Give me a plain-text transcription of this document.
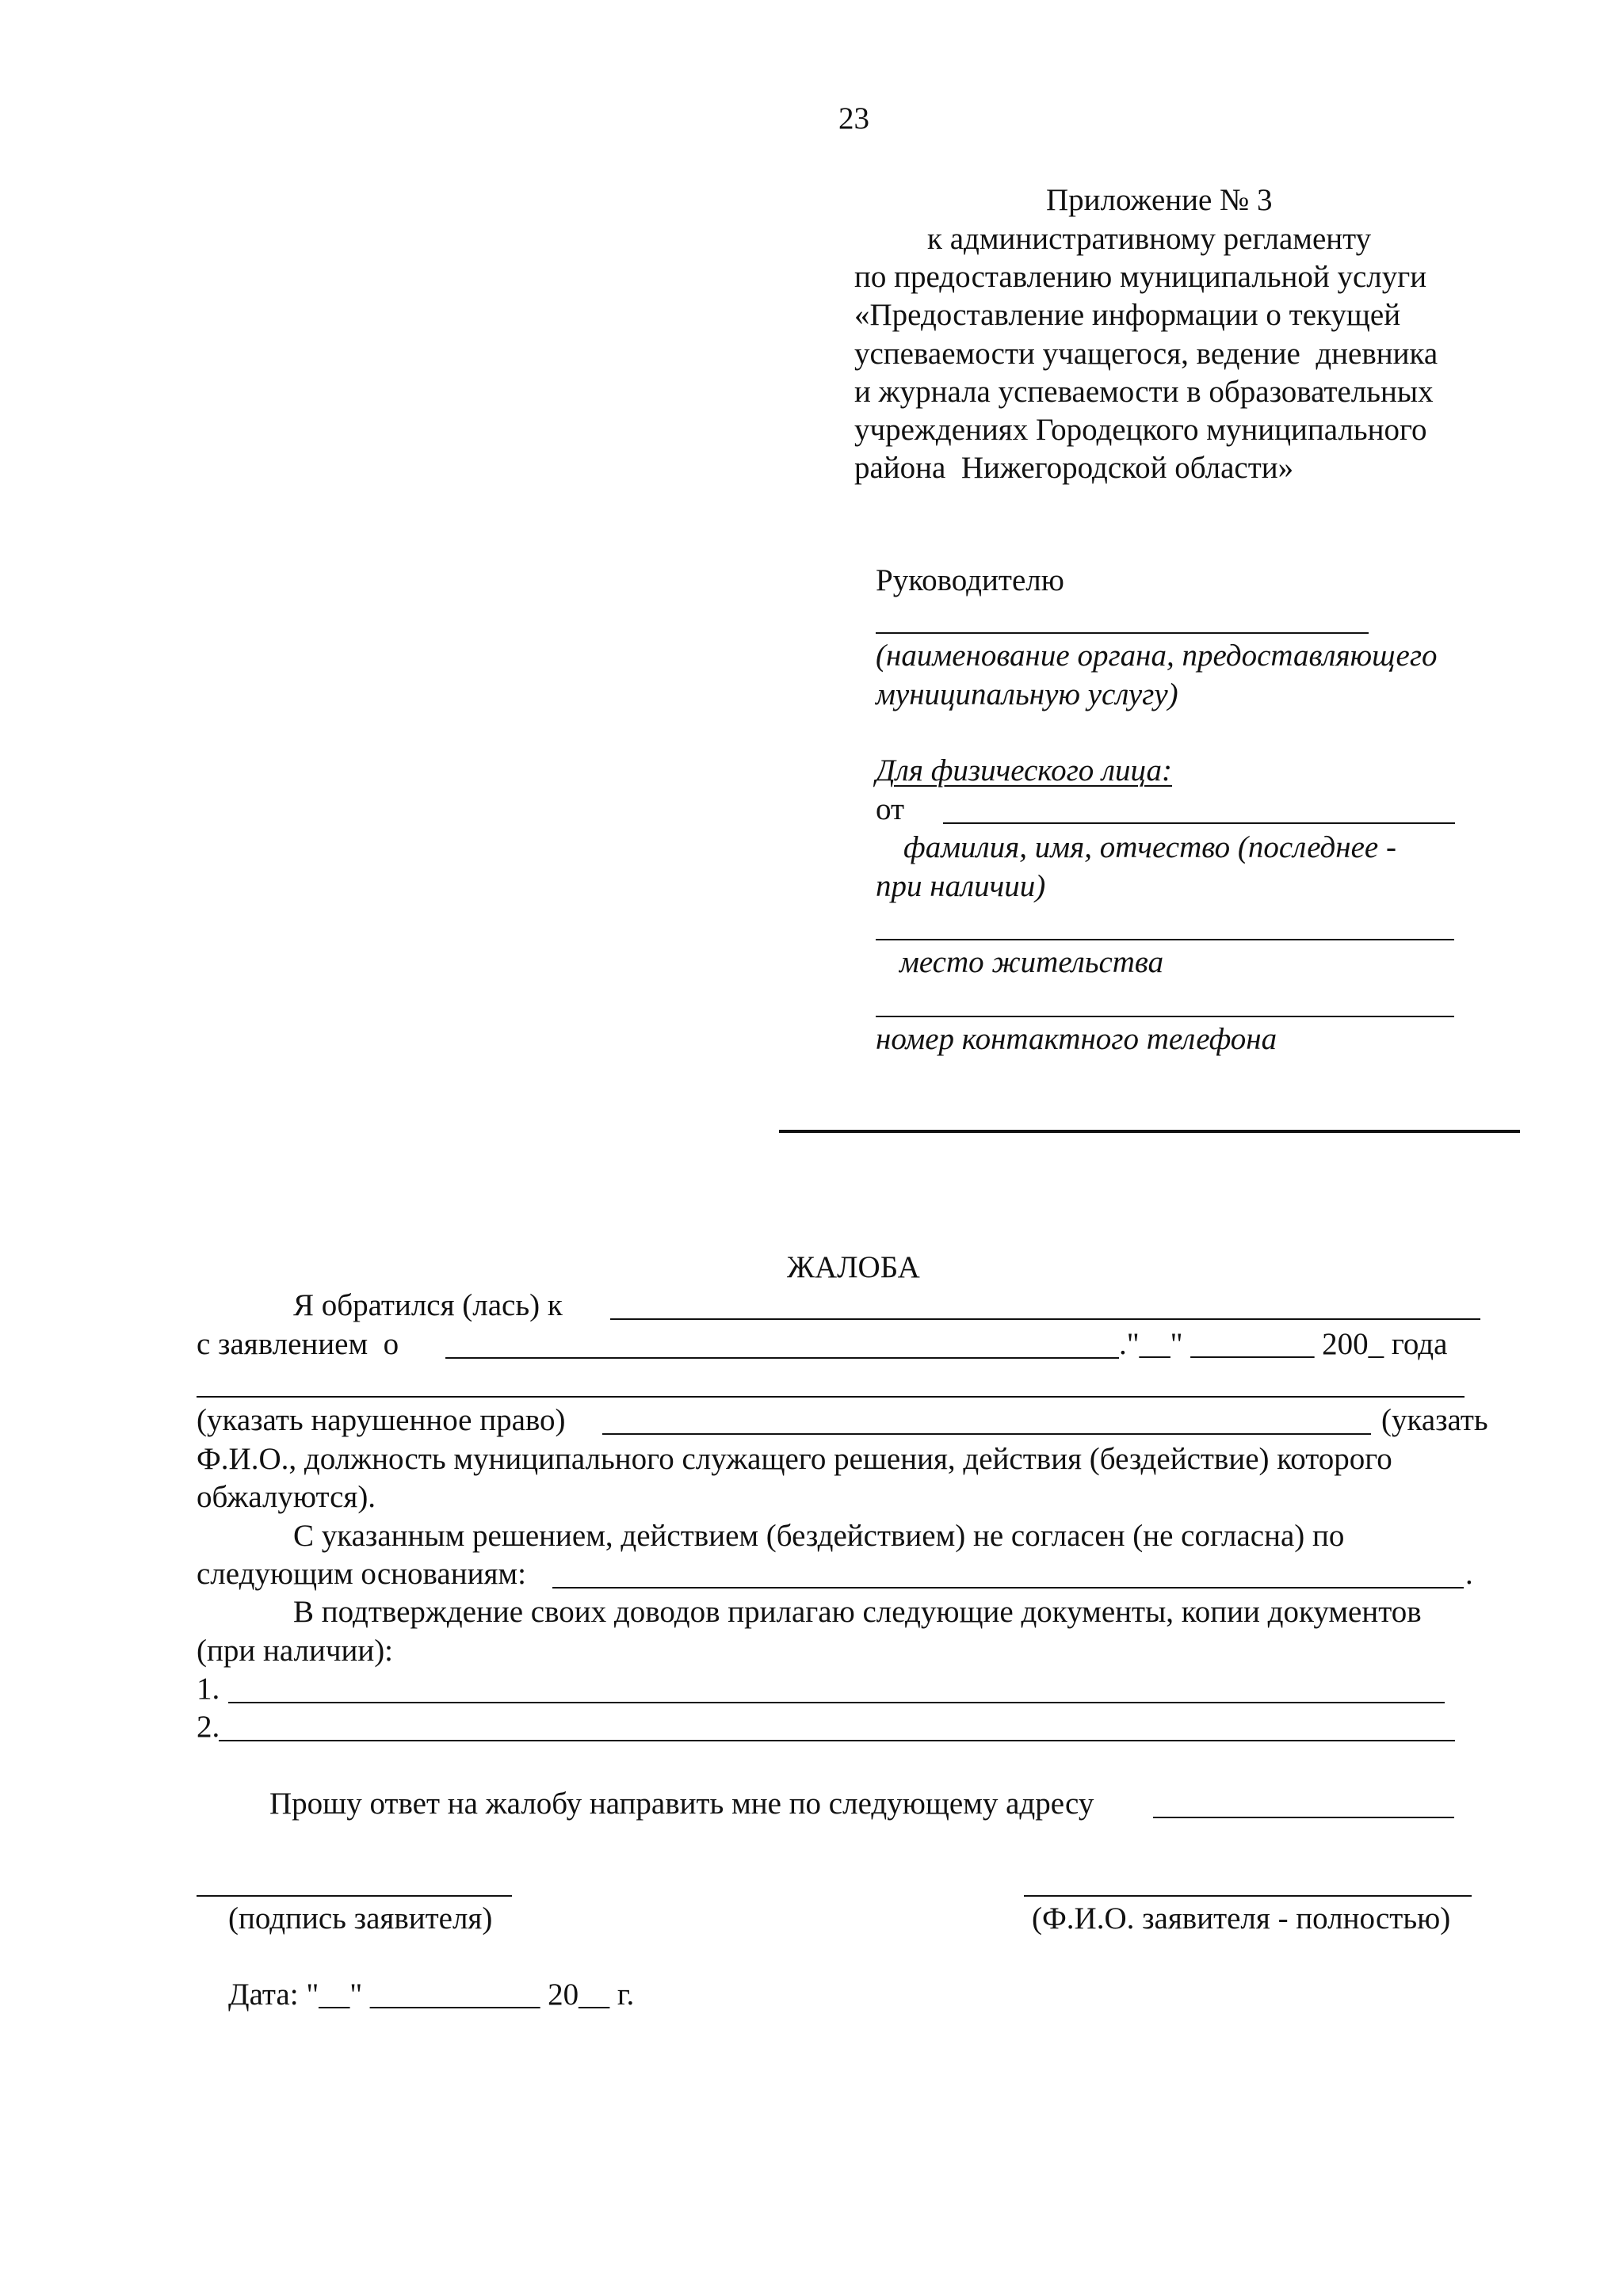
23
Приложение № 3
к административному регламенту
по предоставлению муниципальной услуги
«Предоставление информации о текущей
успеваемости учащегося, ведение  дневника
и журнала успеваемости в образовательных
учреждениях Городецкого муниципального
района  Нижегородской области»
Руководителю
(наименование органа, предоставляющего
муниципальную услугу)
Для физического лица:
от
фамилия, имя, отчество (последнее -
при наличии)
место жительства
номер контактного телефона
ЖАЛОБА
Я обратился (лась) к
с заявлением  о	."__" ________ 200_ года
(указать нарушенное право)	(указать
Ф.И.О., должность муниципального служащего решения, действия (бездействие) которого
обжалуются).
С указанным решением, действием (бездействием) не согласен (не согласна) по
следующим основаниям:	.
В подтверждение своих доводов прилагаю следующие документы, копии документов
(при наличии):
1.
2.
Прошу ответ на жалобу направить мне по следующему адресу
(подпись заявителя)	(Ф.И.О. заявителя - полностью)
Дата: "__" ___________ 20__ г.
